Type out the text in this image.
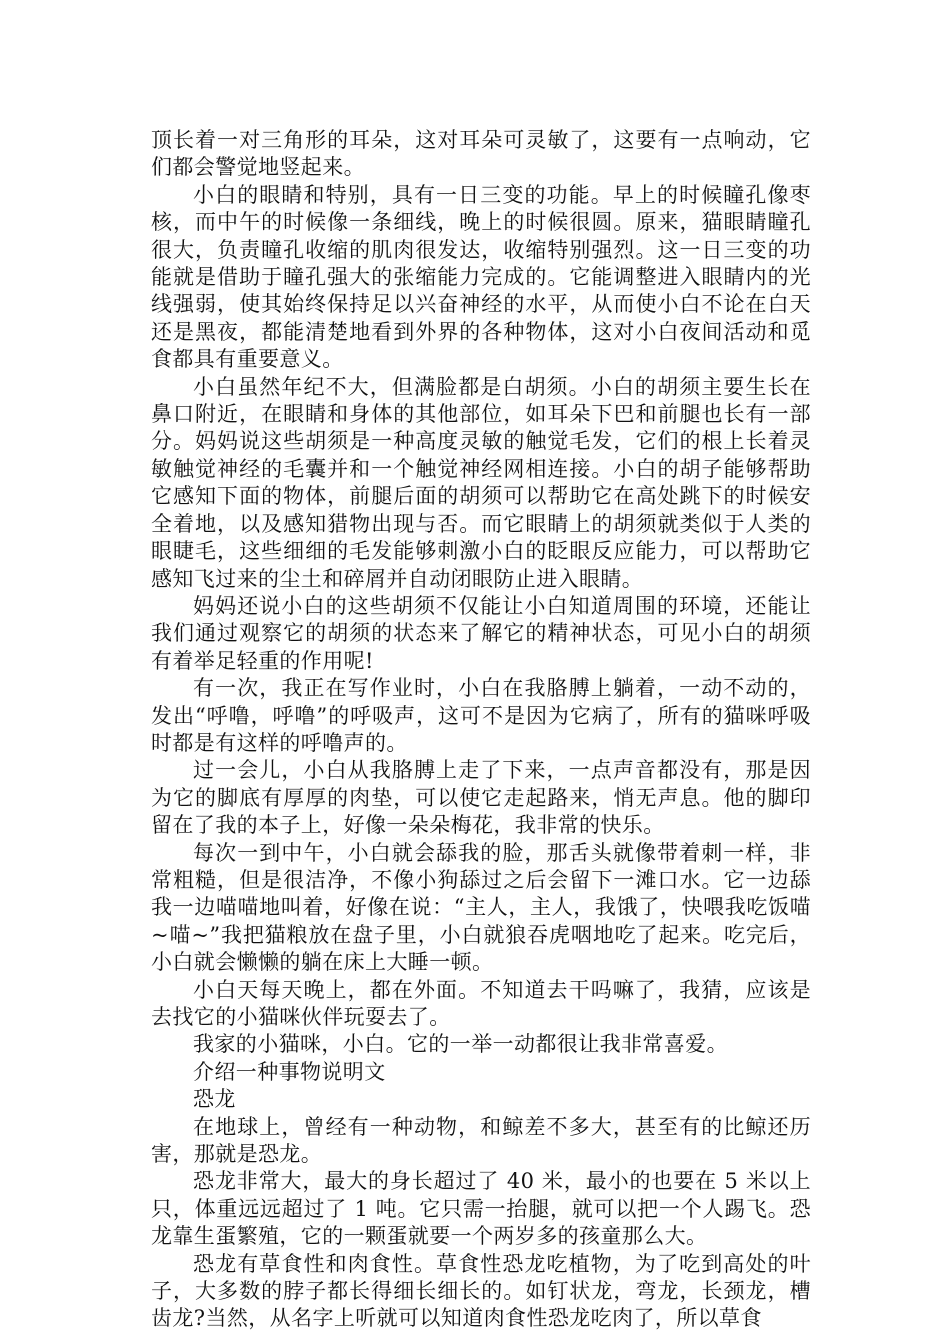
顶长着一对三角形的耳朵，这对耳朵可灵敏了，这要有一点响动，它们都会警觉地竖起来。

小白的眼睛和特别，具有一日三变的功能。早上的时候瞳孔像枣核，而中午的时候像一条细线，晚上的时候很圆。原来，猫眼睛瞳孔很大，负责瞳孔收缩的肌肉很发达，收缩特别强烈。这一日三变的功能就是借助于瞳孔强大的张缩能力完成的。它能调整进入眼睛内的光线强弱，使其始终保持足以兴奋神经的水平，从而使小白不论在白天还是黑夜，都能清楚地看到外界的各种物体，这对小白夜间活动和觅食都具有重要意义。

小白虽然年纪不大，但满脸都是白胡须。小白的胡须主要生长在鼻口附近，在眼睛和身体的其他部位，如耳朵下巴和前腿也长有一部分。妈妈说这些胡须是一种高度灵敏的触觉毛发，它们的根上长着灵敏触觉神经的毛囊并和一个触觉神经网相连接。小白的胡子能够帮助它感知下面的物体，前腿后面的胡须可以帮助它在高处跳下的时候安全着地，以及感知猎物出现与否。而它眼睛上的胡须就类似于人类的眼睫毛，这些细细的毛发能够刺激小白的眨眼反应能力，可以帮助它感知飞过来的尘土和碎屑并自动闭眼防止进入眼睛。

妈妈还说小白的这些胡须不仅能让小白知道周围的环境，还能让我们通过观察它的胡须的状态来了解它的精神状态，可见小白的胡须有着举足轻重的作用呢!

有一次，我正在写作业时，小白在我胳膊上躺着，一动不动的，发出“呼噜，呼噜”的呼吸声，这可不是因为它病了，所有的猫咪呼吸时都是有这样的呼噜声的。

过一会儿，小白从我胳膊上走了下来，一点声音都没有，那是因为它的脚底有厚厚的肉垫，可以使它走起路来，悄无声息。他的脚印留在了我的本子上，好像一朵朵梅花，我非常的快乐。

每次一到中午，小白就会舔我的脸，那舌头就像带着刺一样，非常粗糙，但是很洁净，不像小狗舔过之后会留下一滩口水。它一边舔我一边喵喵地叫着，好像在说：“主人，主人，我饿了，快喂我吃饭喵~喵~”我把猫粮放在盘子里，小白就狼吞虎咽地吃了起来。吃完后，小白就会懒懒的躺在床上大睡一顿。

小白天每天晚上，都在外面。不知道去干吗嘛了，我猜，应该是去找它的小猫咪伙伴玩耍去了。

我家的小猫咪，小白。它的一举一动都很让我非常喜爱。

介绍一种事物说明文

恐龙

在地球上，曾经有一种动物，和鲸差不多大，甚至有的比鲸还历害，那就是恐龙。

恐龙非常大，最大的身长超过了 40 米，最小的也要在 5 米以上只，体重远远超过了 1 吨。它只需一抬腿，就可以把一个人踢飞。恐龙靠生蛋繁殖，它的一颗蛋就要一个两岁多的孩童那么大。

恐龙有草食性和肉食性。草食性恐龙吃植物，为了吃到高处的叶子，大多数的脖子都长得细长细长的。如钉状龙，弯龙，长颈龙，槽齿龙?当然，从名字上听就可以知道肉食性恐龙吃肉了，所以草食
